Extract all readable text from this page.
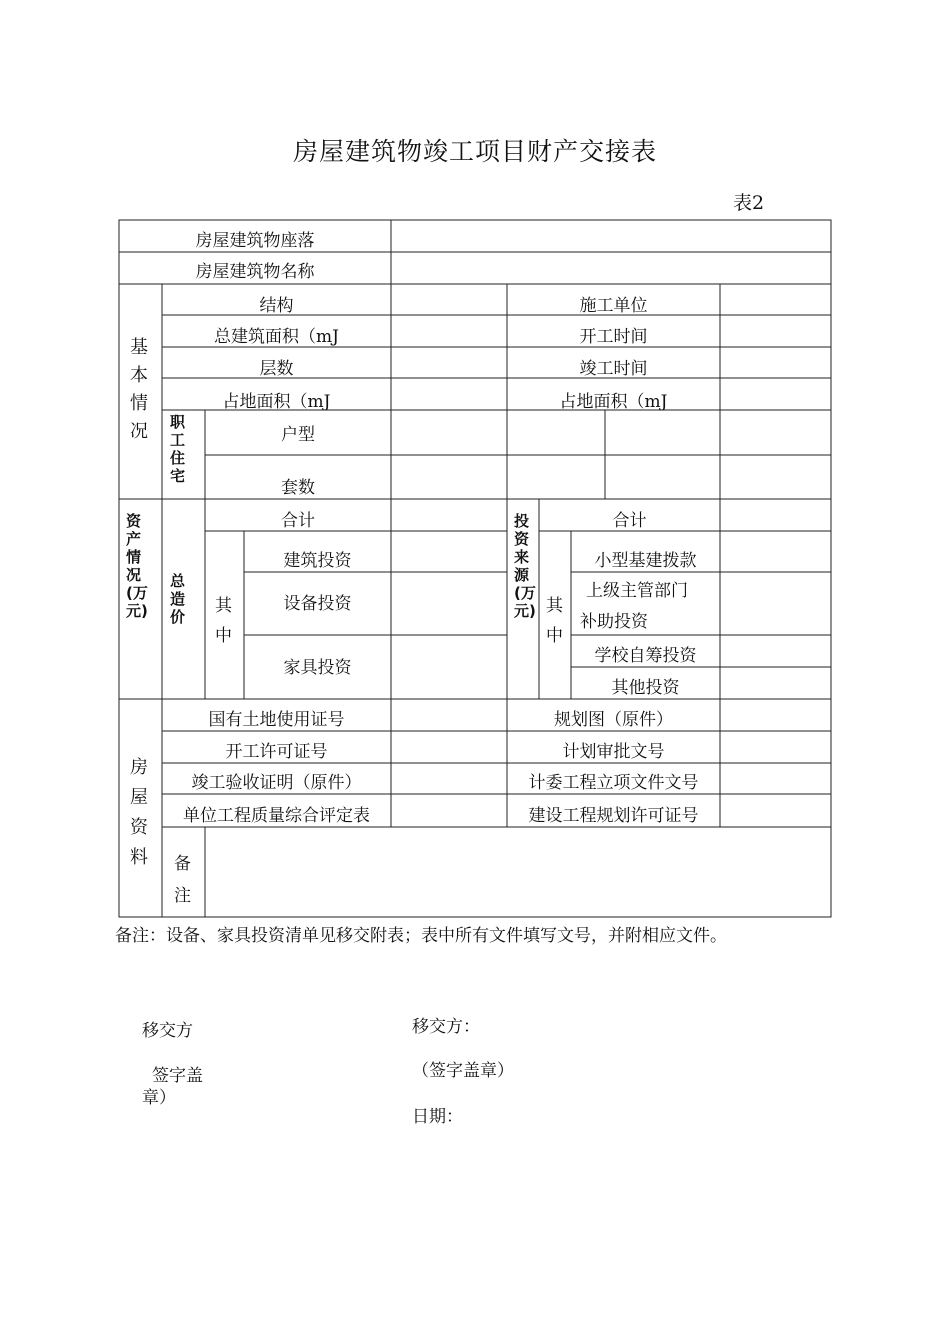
房屋建筑物竣工项目财产交接表
表2
房屋建筑物座落
房屋建筑物名称
基本情况
结构
总建筑面积（mJ
层数
占地面积（mJ
施工单位
开工时间
竣工时间
占地面积（mJ
职工住宅
户型
套数
资产情况(万元)
总造价
合计
其中
建筑投资
设备投资
家具投资
投资来源(万元)
合计
其中
小型基建拨款
上级主管部门
补助投资
学校自筹投资
其他投资
房屋资料
国有土地使用证号
开工许可证号
竣工验收证明（原件）
单位工程质量综合评定表
规划图（原件）
计划审批文号
计委工程立项文件文号
建设工程规划许可证号
备注
备注：设备、家具投资清单见移交附表；表中所有文件填写文号，并附相应文件。
移交方
签字盖
章）
移交方：
（签字盖章）
日期：
